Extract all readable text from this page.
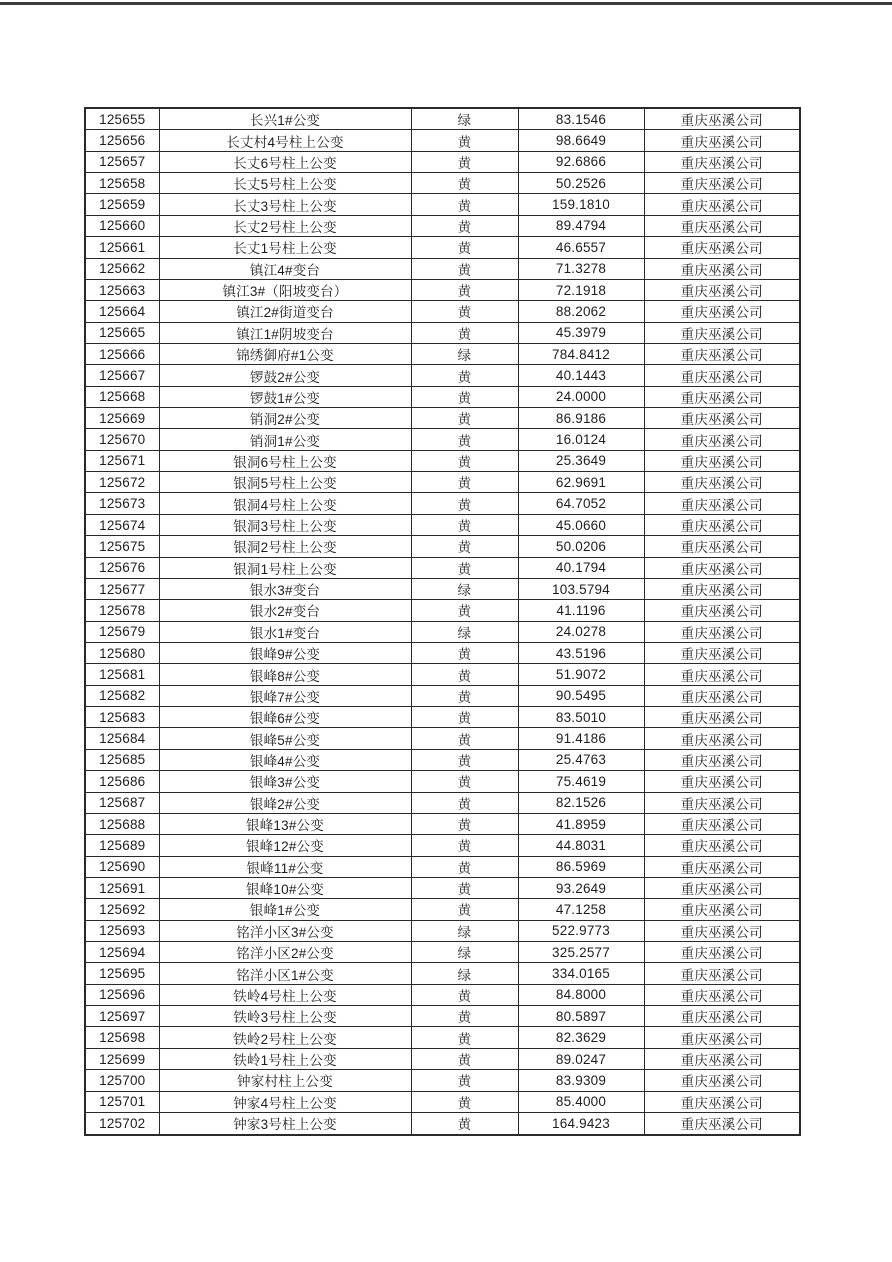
125655	长兴1#公变	绿	83.1546	重庆巫溪公司
125656	长丈村4号柱上公变	黄	98.6649	重庆巫溪公司
125657	长丈6号柱上公变	黄	92.6866	重庆巫溪公司
125658	长丈5号柱上公变	黄	50.2526	重庆巫溪公司
125659	长丈3号柱上公变	黄	159.1810	重庆巫溪公司
125660	长丈2号柱上公变	黄	89.4794	重庆巫溪公司
125661	长丈1号柱上公变	黄	46.6557	重庆巫溪公司
125662	镇江4#变台	黄	71.3278	重庆巫溪公司
125663	镇江3#（阳坡变台）	黄	72.1918	重庆巫溪公司
125664	镇江2#街道变台	黄	88.2062	重庆巫溪公司
125665	镇江1#阴坡变台	黄	45.3979	重庆巫溪公司
125666	锦绣御府#1公变	绿	784.8412	重庆巫溪公司
125667	锣鼓2#公变	黄	40.1443	重庆巫溪公司
125668	锣鼓1#公变	黄	24.0000	重庆巫溪公司
125669	销洞2#公变	黄	86.9186	重庆巫溪公司
125670	销洞1#公变	黄	16.0124	重庆巫溪公司
125671	银洞6号柱上公变	黄	25.3649	重庆巫溪公司
125672	银洞5号柱上公变	黄	62.9691	重庆巫溪公司
125673	银洞4号柱上公变	黄	64.7052	重庆巫溪公司
125674	银洞3号柱上公变	黄	45.0660	重庆巫溪公司
125675	银洞2号柱上公变	黄	50.0206	重庆巫溪公司
125676	银洞1号柱上公变	黄	40.1794	重庆巫溪公司
125677	银水3#变台	绿	103.5794	重庆巫溪公司
125678	银水2#变台	黄	41.1196	重庆巫溪公司
125679	银水1#变台	绿	24.0278	重庆巫溪公司
125680	银峰9#公变	黄	43.5196	重庆巫溪公司
125681	银峰8#公变	黄	51.9072	重庆巫溪公司
125682	银峰7#公变	黄	90.5495	重庆巫溪公司
125683	银峰6#公变	黄	83.5010	重庆巫溪公司
125684	银峰5#公变	黄	91.4186	重庆巫溪公司
125685	银峰4#公变	黄	25.4763	重庆巫溪公司
125686	银峰3#公变	黄	75.4619	重庆巫溪公司
125687	银峰2#公变	黄	82.1526	重庆巫溪公司
125688	银峰13#公变	黄	41.8959	重庆巫溪公司
125689	银峰12#公变	黄	44.8031	重庆巫溪公司
125690	银峰11#公变	黄	86.5969	重庆巫溪公司
125691	银峰10#公变	黄	93.2649	重庆巫溪公司
125692	银峰1#公变	黄	47.1258	重庆巫溪公司
125693	铭洋小区3#公变	绿	522.9773	重庆巫溪公司
125694	铭洋小区2#公变	绿	325.2577	重庆巫溪公司
125695	铭洋小区1#公变	绿	334.0165	重庆巫溪公司
125696	铁岭4号柱上公变	黄	84.8000	重庆巫溪公司
125697	铁岭3号柱上公变	黄	80.5897	重庆巫溪公司
125698	铁岭2号柱上公变	黄	82.3629	重庆巫溪公司
125699	铁岭1号柱上公变	黄	89.0247	重庆巫溪公司
125700	钟家村柱上公变	黄	83.9309	重庆巫溪公司
125701	钟家4号柱上公变	黄	85.4000	重庆巫溪公司
125702	钟家3号柱上公变	黄	164.9423	重庆巫溪公司
